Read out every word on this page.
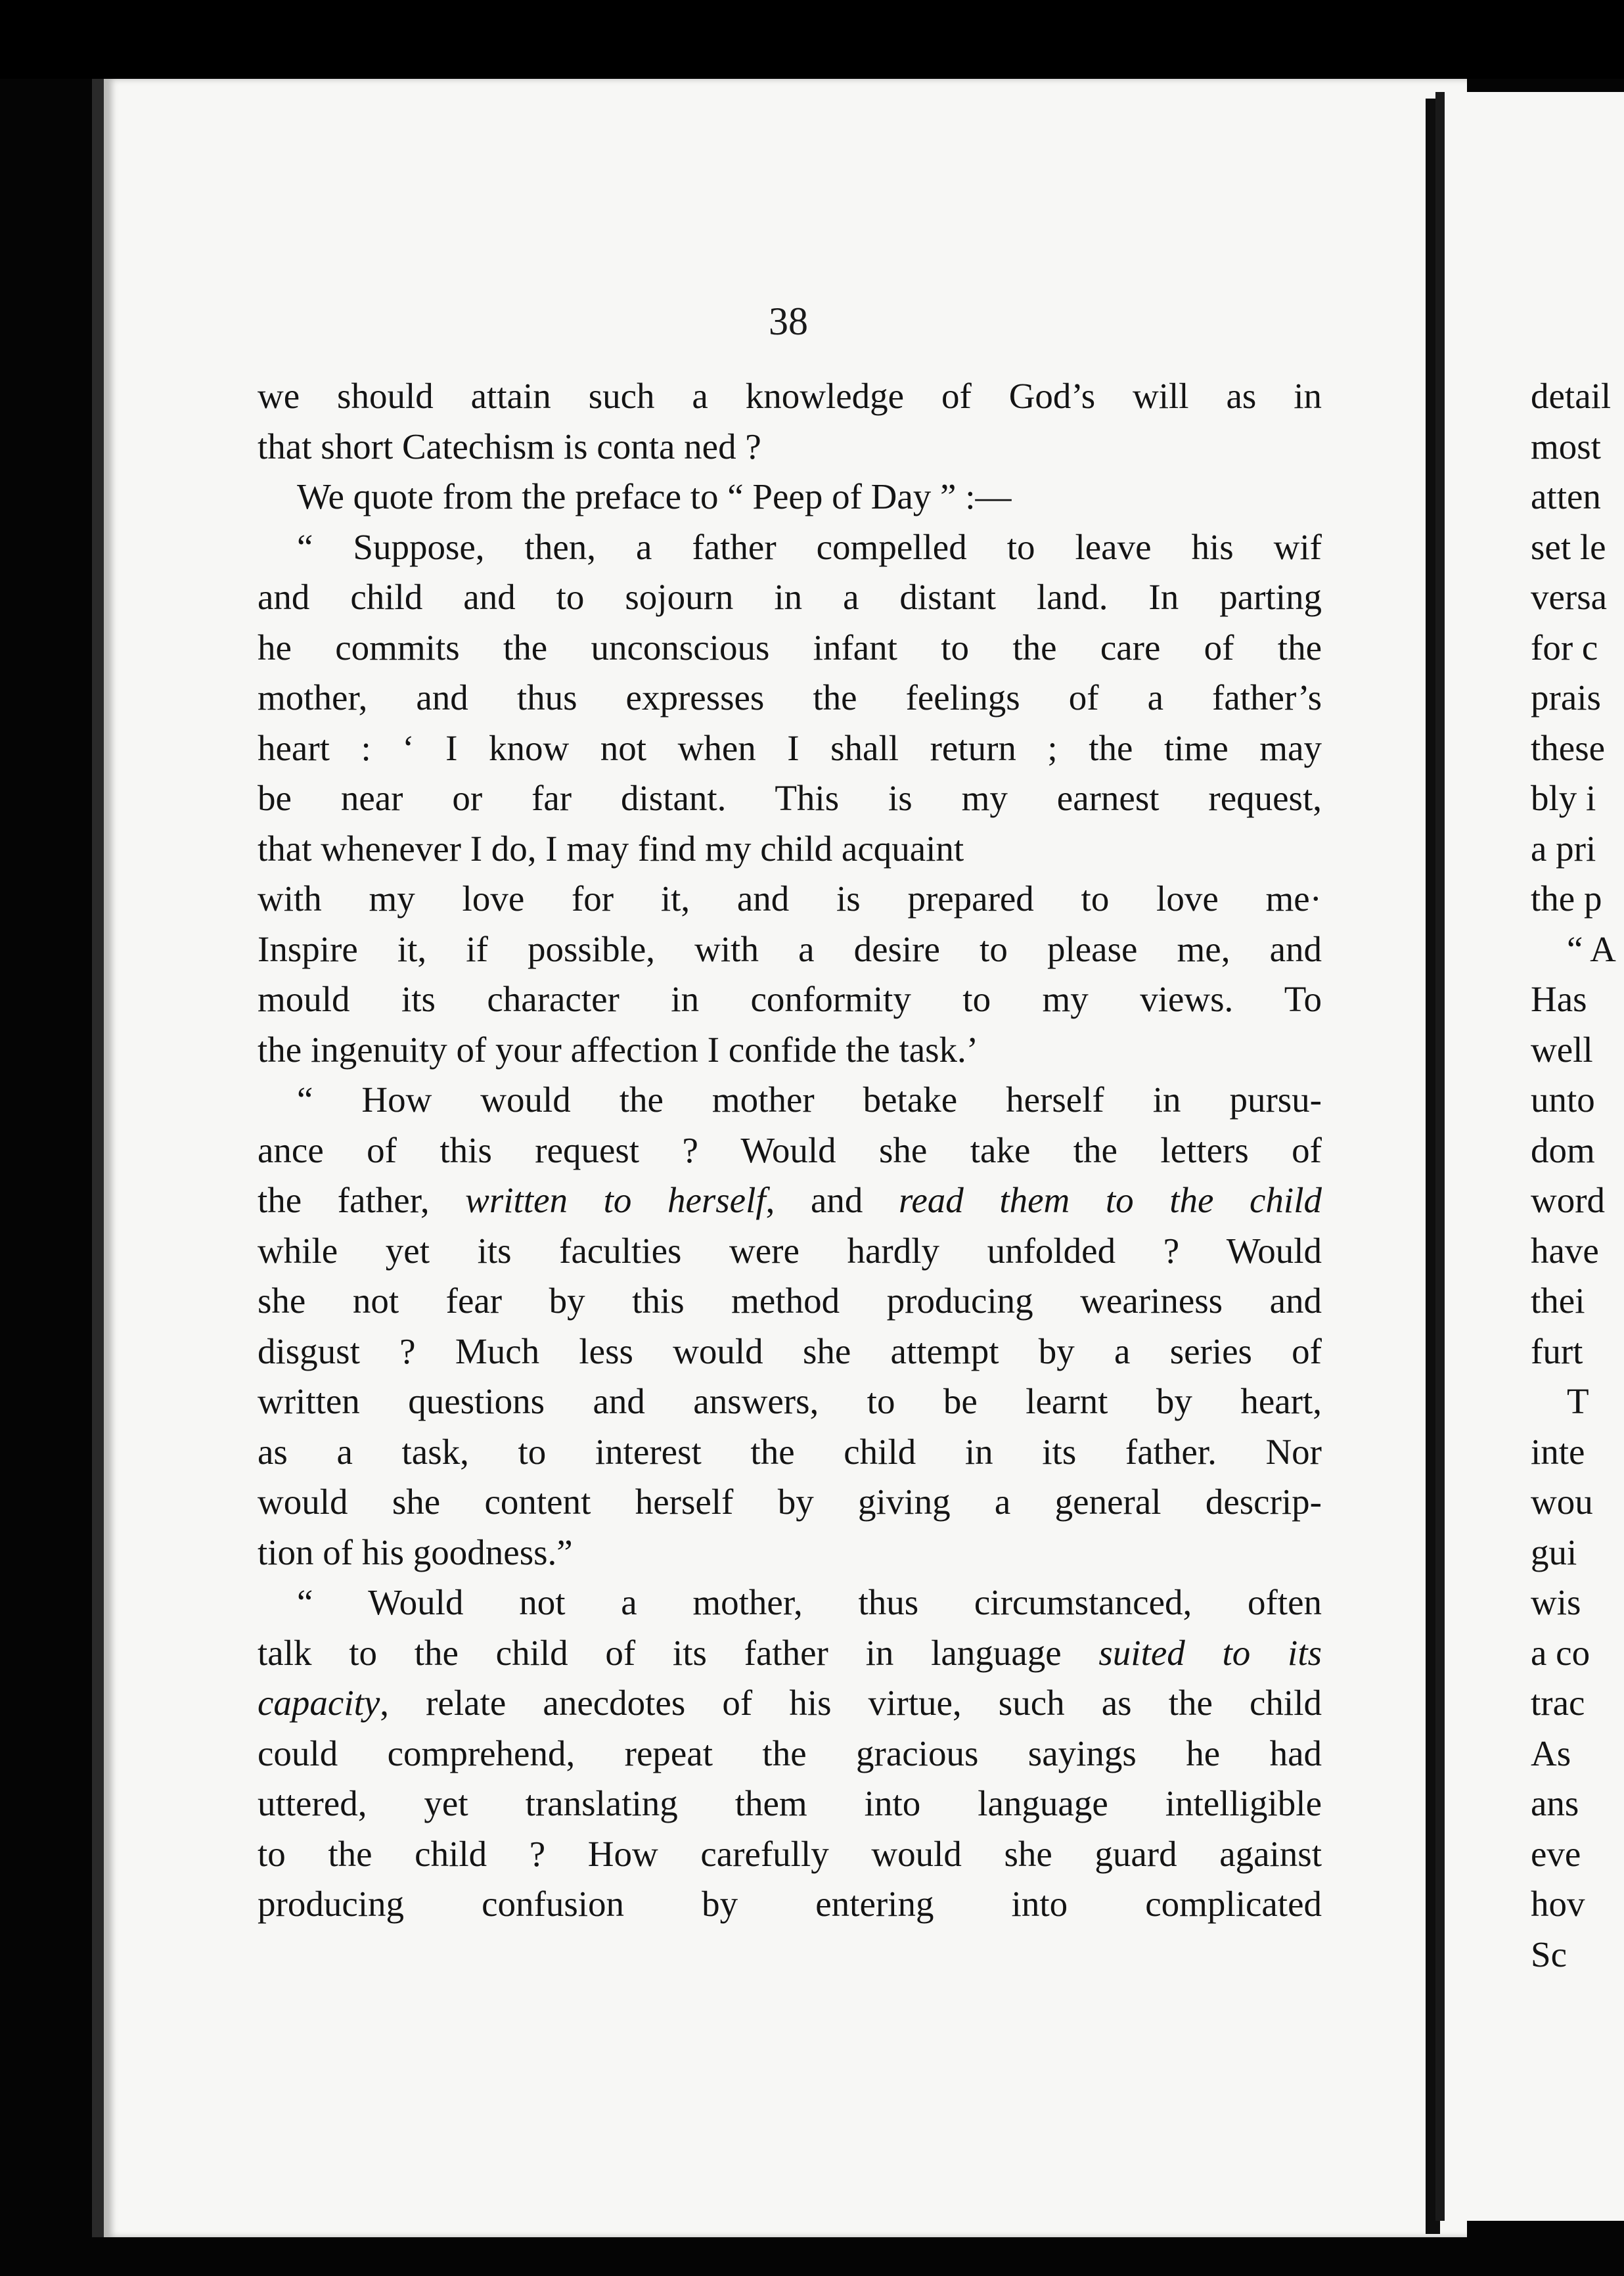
38
we should attain such a knowledge of God’s will as in
that short Catechism is conta ned ?
We quote from the preface to “ Peep of Day ” :—
“ Suppose, then, a father compelled to leave his wif
and child and to sojourn in a distant land. In parting
he commits the unconscious infant to the care of the
mother, and thus expresses the feelings of a father’s
heart : ‘ I know not when I shall return ; the time may
be near or far distant. This is my earnest request,
that whenever I do, I may find my child acquaint
with my love for it, and is prepared to love me·
Inspire it, if possible, with a desire to please me, and
mould its character in conformity to my views. To
the ingenuity of your affection I confide the task.’
“ How would the mother betake herself in pursu-
ance of this request ? Would she take the letters of
the father, written to herself, and read them to the child
while yet its faculties were hardly unfolded ? Would
she not fear by this method producing weariness and
disgust ? Much less would she attempt by a series of
written questions and answers, to be learnt by heart,
as a task, to interest the child in its father. Nor
would she content herself by giving a general descrip-
tion of his goodness.”
“ Would not a mother, thus circumstanced, often
talk to the child of its father in language suited to its
capacity, relate anecdotes of his virtue, such as the child
could comprehend, repeat the gracious sayings he had
uttered, yet translating them into language intelligible
to the child ? How carefully would she guard against
producing confusion by entering into complicated
detail
most
atten
set le
versa
for c
prais
these
bly i
a pri
the p
“ A
Has
well
unto
dom
word
have
thei
furt
T
inte
wou
gui
wis
a co
trac
As
ans
eve
hov
Sc
